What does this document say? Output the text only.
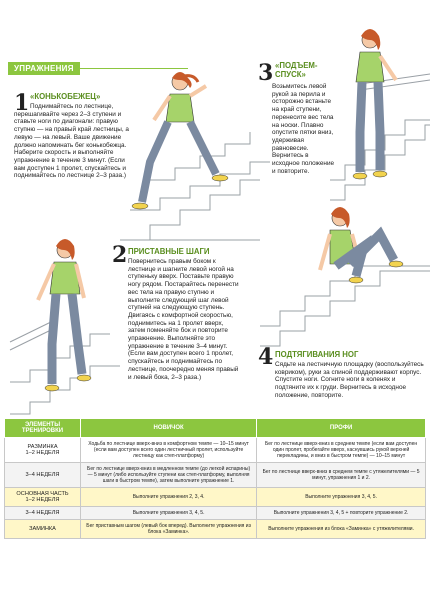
УПРАЖНЕНИЯ
1 «КОНЬКОБЕЖЕЦ»
Поднимайтесь по лестнице, перешагивайте через 2–3 ступени и ставьте ноги по диагонали: правую ступню — на правый край лестницы, а левую — на левый. Ваше движение должно напоминать бег конькобежца. Наберите скорость и выполняйте упражнение в течение 3 минут. (Если вам доступен 1 пролет, спускайтесь и поднимайтесь по лестнице 2–3 раза.)
2 ПРИСТАВНЫЕ ШАГИ
Повернитесь правым боком к лестнице и шагните левой ногой на ступеньку вверх. Поставьте правую ногу рядом. Постарайтесь перенести вес тела на правую ступню и выполните следующий шаг левой ступней на следующую ступень. Двигаясь с комфортной скоростью, поднимитесь на 1 пролет вверх, затем поменяйте бок и повторите упражнение. Выполняйте это упражнение в течение 3–4 минут. (Если вам доступен всего 1 пролет, спускайтесь и поднимайтесь по лестнице, поочередно меняя правый и левый бока, 2–3 раза.)
3 «ПОДЪЕМ-СПУСК»
Возьмитесь левой рукой за перила и осторожно встаньте на край ступени, перенесите вес тела на носки. Плавно опустите пятки вниз, удерживая равновесие. Вернитесь в исходное положение и повторите.
4 ПОДТЯГИВАНИЯ НОГ
Сядьте на лестничную площадку (воспользуйтесь ковриком), руки за спиной поддерживают корпус. Спустите ноги. Согните ноги в коленях и подтяните их к груди. Вернитесь в исходное положение, повторите.
ЭЛЕМЕНТЫ ТРЕНИРОВКИ	НОВИЧОК	ПРОФИ

РАЗМИНКА
1–2 НЕДЕЛЯ	Ходьба по лестнице вверх-вниз в комфортном темпе — 10–15 минут (если вам доступен всего один лестничный пролет, используйте лестницу как степ-платформу)	Бег по лестнице вверх-вниз в среднем темпе (если вам доступен один пролет, пробегайте вверх, каснувшись рукой верхней перекладины, и вниз в быстром темпе) — 10–15 минут

3–4 НЕДЕЛЯ	Бег по лестнице вверх-вниз в медленном темпе (до легкой испарины) — 5 минут (либо используйте ступени как степ-платформу, выполняя шаги в быстром темпе), затем выполните упражнение 1.	Бег по лестнице вверх-вниз в среднем темпе с утяжелителями — 5 минут, упражнения 1 и 2.

ОСНОВНАЯ ЧАСТЬ
1–2 НЕДЕЛЯ	Выполните упражнения 2, 3, 4.	Выполните упражнения 3, 4, 5.

3–4 НЕДЕЛЯ	Выполните упражнения 3, 4, 5.	Выполните упражнения 3, 4, 5 + повторите упражнение 2.

ЗАМИНКА	Бег приставным шагом (левый бок вперед). Выполните упражнения из блока «Заминка».	Выполните упражнения из блока «Заминка» с утяжелителями.
